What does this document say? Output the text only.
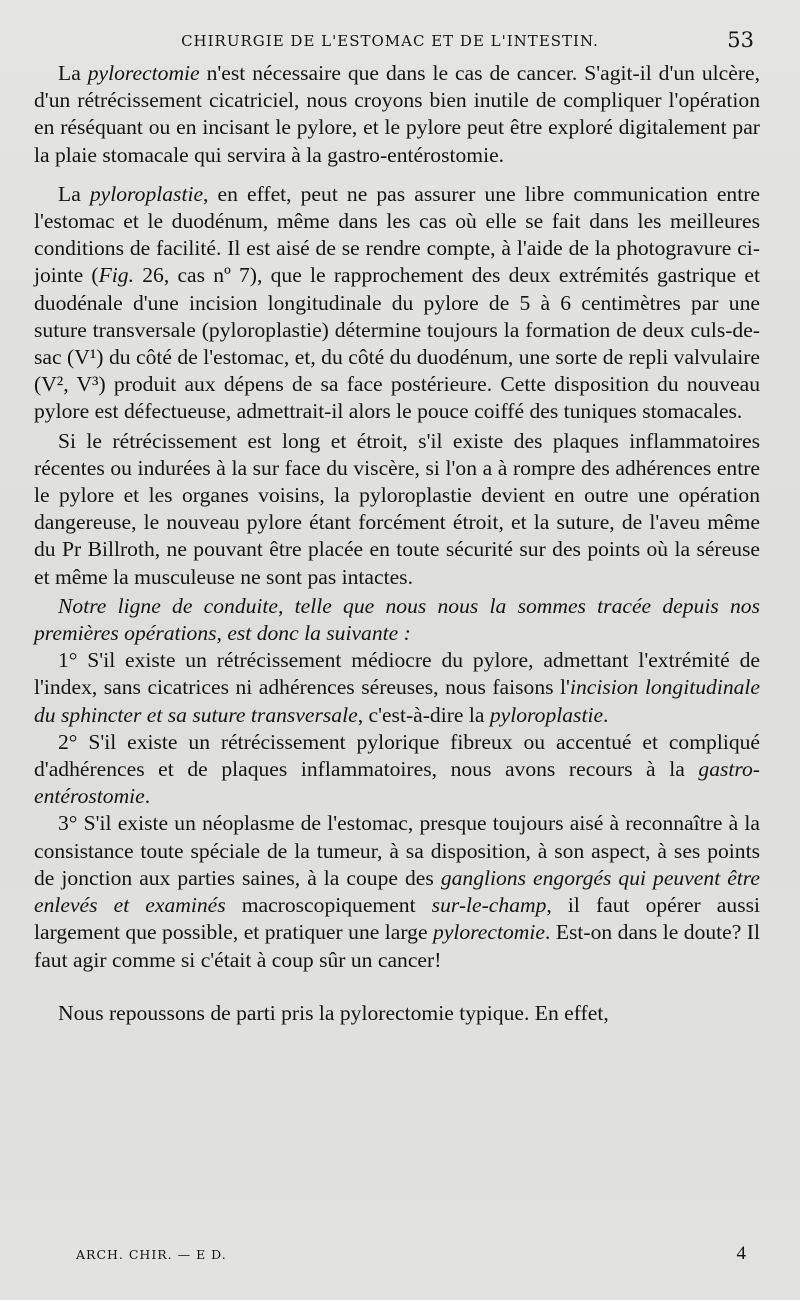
CHIRURGIE DE L'ESTOMAC ET DE L'INTESTIN.	53

La pylorectomie n'est nécessaire que dans le cas de cancer. S'agit-il d'un ulcère, d'un rétrécissement cicatriciel, nous croyons bien inutile de compliquer l'opération en réséquant ou en incisant le pylore, et le pylore peut être exploré digitalement par la plaie stomacale qui servira à la gastro-entérostomie.

La pyloroplastie, en effet, peut ne pas assurer une libre communication entre l'estomac et le duodénum, même dans les cas où elle se fait dans les meilleures conditions de facilité. Il est aisé de se rendre compte, à l'aide de la photogravure ci-jointe (Fig. 26, cas nº 7), que le rapprochement des deux extrémités gastrique et duodénale d'une incision longitudinale du pylore de 5 à 6 centimètres par une suture transversale (pyloroplastie) détermine toujours la formation de deux culs-de-sac (V¹) du côté de l'estomac, et, du côté du duodénum, une sorte de repli valvulaire (V², V³) produit aux dépens de sa face postérieure. Cette disposition du nouveau pylore est défectueuse, admettrait-il alors le pouce coiffé des tuniques stomacales.

Si le rétrécissement est long et étroit, s'il existe des plaques inflammatoires récentes ou indurées à la sur face du viscère, si l'on a à rompre des adhérences entre le pylore et les organes voisins, la pyloroplastie devient en outre une opération dangereuse, le nouveau pylore étant forcément étroit, et la suture, de l'aveu même du Pr Billroth, ne pouvant être placée en toute sécurité sur des points où la séreuse et même la musculeuse ne sont pas intactes.

Notre ligne de conduite, telle que nous nous la sommes tracée depuis nos premières opérations, est donc la suivante :

1° S'il existe un rétrécissement médiocre du pylore, admettant l'extrémité de l'index, sans cicatrices ni adhérences séreuses, nous faisons l'incision longitudinale du sphincter et sa suture transversale, c'est-à-dire la pyloroplastie.

2° S'il existe un rétrécissement pylorique fibreux ou accentué et compliqué d'adhérences et de plaques inflammatoires, nous avons recours à la gastro-entérostomie.

3° S'il existe un néoplasme de l'estomac, presque toujours aisé à reconnaître à la consistance toute spéciale de la tumeur, à sa disposition, à son aspect, à ses points de jonction aux parties saines, à la coupe des ganglions engorgés qui peuvent être enlevés et examinés macroscopiquement sur-le-champ, il faut opérer aussi largement que possible, et pratiquer une large pylorectomie. Est-on dans le doute? Il faut agir comme si c'était à coup sûr un cancer!

Nous repoussons de parti pris la pylorectomie typique. En effet,

ARCH. CHIR. — E D.	4
